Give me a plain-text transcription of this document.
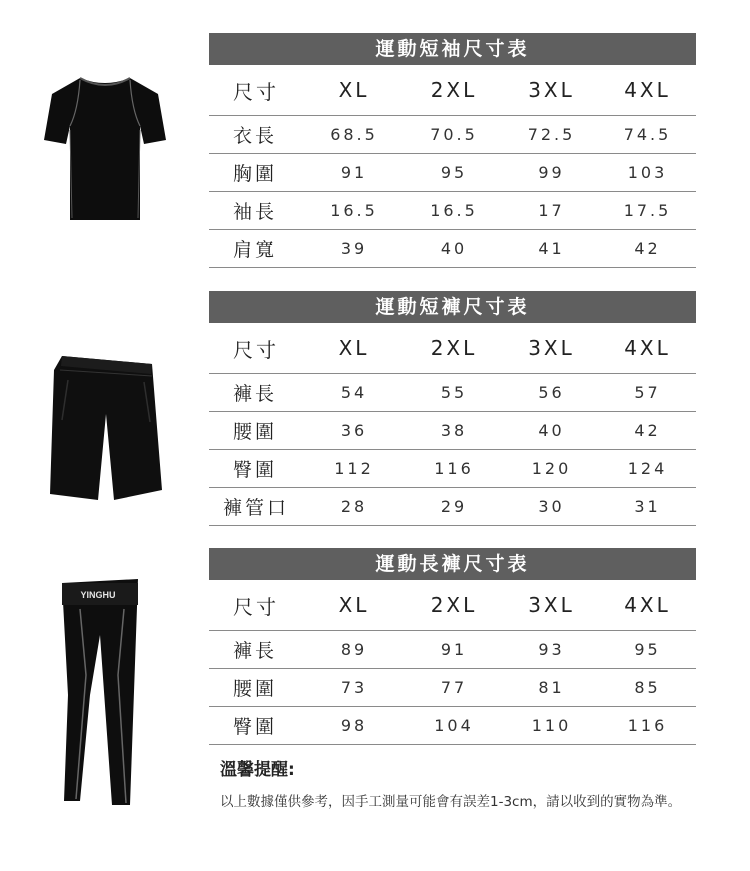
運動短袖尺寸表
尺寸	XL	2XL	3XL	4XL
衣長	68.5	70.5	72.5	74.5
胸圍	91	95	99	103
袖長	16.5	16.5	17	17.5
肩寬	39	40	41	42
運動短褲尺寸表
尺寸	XL	2XL	3XL	4XL
褲長	54	55	56	57
腰圍	36	38	40	42
臀圍	112	116	120	124
褲管口	28	29	30	31
YINGHU
運動長褲尺寸表
尺寸	XL	2XL	3XL	4XL
褲長	89	91	93	95
腰圍	73	77	81	85
臀圍	98	104	110	116
溫馨提醒:
以上數據僅供參考，因手工測量可能會有誤差1-3cm，請以收到的實物為準。
